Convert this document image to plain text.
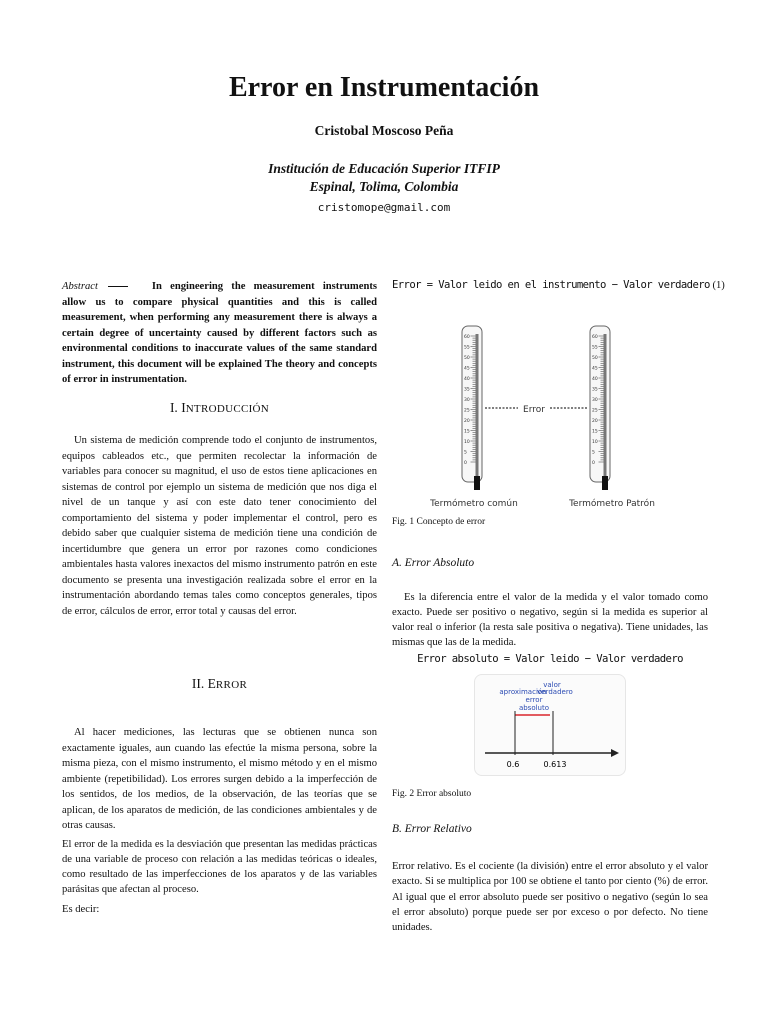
Error en Instrumentación
Cristobal Moscoso Peña
Institución de Educación Superior ITFIP
Espinal, Tolima, Colombia
cristomope@gmail.com
Abstract	In engineering the measurement instruments allow us to compare physical quantities and this is called measurement, when performing any measurement there is always a certain degree of uncertainty caused by different factors such as environmental conditions to inaccurate values of the same standard instrument, this document will be explained The theory and concepts of error in instrumentation.
I. INTRODUCCIÓN
Un sistema de medición comprende todo el conjunto de instrumentos, equipos cableados etc., que permiten recolectar la información de variables para conocer su magnitud, el uso de estos tiene aplicaciones en sistemas de control por ejemplo un sistema de medición que nos diga el nivel de un tanque y así con este dato tener conocimiento del comportamiento del sistema y poder implementar el control, pero es debido saber que cualquier sistema de medición tiene una condición de incertidumbre que genera un error por razones como condiciones ambientales hasta valores inexactos del mismo instrumento patrón en este documento se presenta una investigación realizada sobre el error en la instrumentación abordando temas tales como conceptos generales, tipos de error, cálculos de error, error total y causas del error.
II. ERROR
Al hacer mediciones, las lecturas que se obtienen nunca son exactamente iguales, aun cuando las efectúe la misma persona, sobre la misma pieza, con el mismo instrumento, el mismo método y en el mismo ambiente (repetibilidad). Los errores surgen debido a la imperfección de los sentidos, de los medios, de la observación, de las teorías que se aplican, de los aparatos de medición, de las condiciones ambientales y de otras causas.
El error de la medida es la desviación que presentan las medidas prácticas de una variable de proceso con relación a las medidas teóricas o ideales, como resultado de las imperfecciones de los aparatos y de las variables parásitas que afectan al proceso.
Es decir:
Error = Valor leido en el instrumento − Valor verdadero (1)
60
55
50
45
40
35
30
25
20
15
10
5
0
60
55
50
45
40
35
30
25
20
15
10
5
0
Error
Termómetro común	Termómetro Patrón
Fig. 1 Concepto de error
A. Error Absoluto
Es la diferencia entre el valor de la medida y el valor tomado como exacto. Puede ser positivo o negativo, según si la medida es superior al valor real o inferior (la resta sale positiva o negativa). Tiene unidades, las mismas que las de la medida.
Error absoluto = Valor leido − Valor verdadero
valor
aproximación
verdadero
error
absoluto
0.6	0.613
Fig. 2 Error absoluto
B. Error Relativo
Error relativo. Es el cociente (la división) entre el error absoluto y el valor exacto. Si se multiplica por 100 se obtiene el tanto por ciento (%) de error. Al igual que el error absoluto puede ser positivo o negativo (según lo sea el error absoluto) porque puede ser por exceso o por defecto. No tiene unidades.
